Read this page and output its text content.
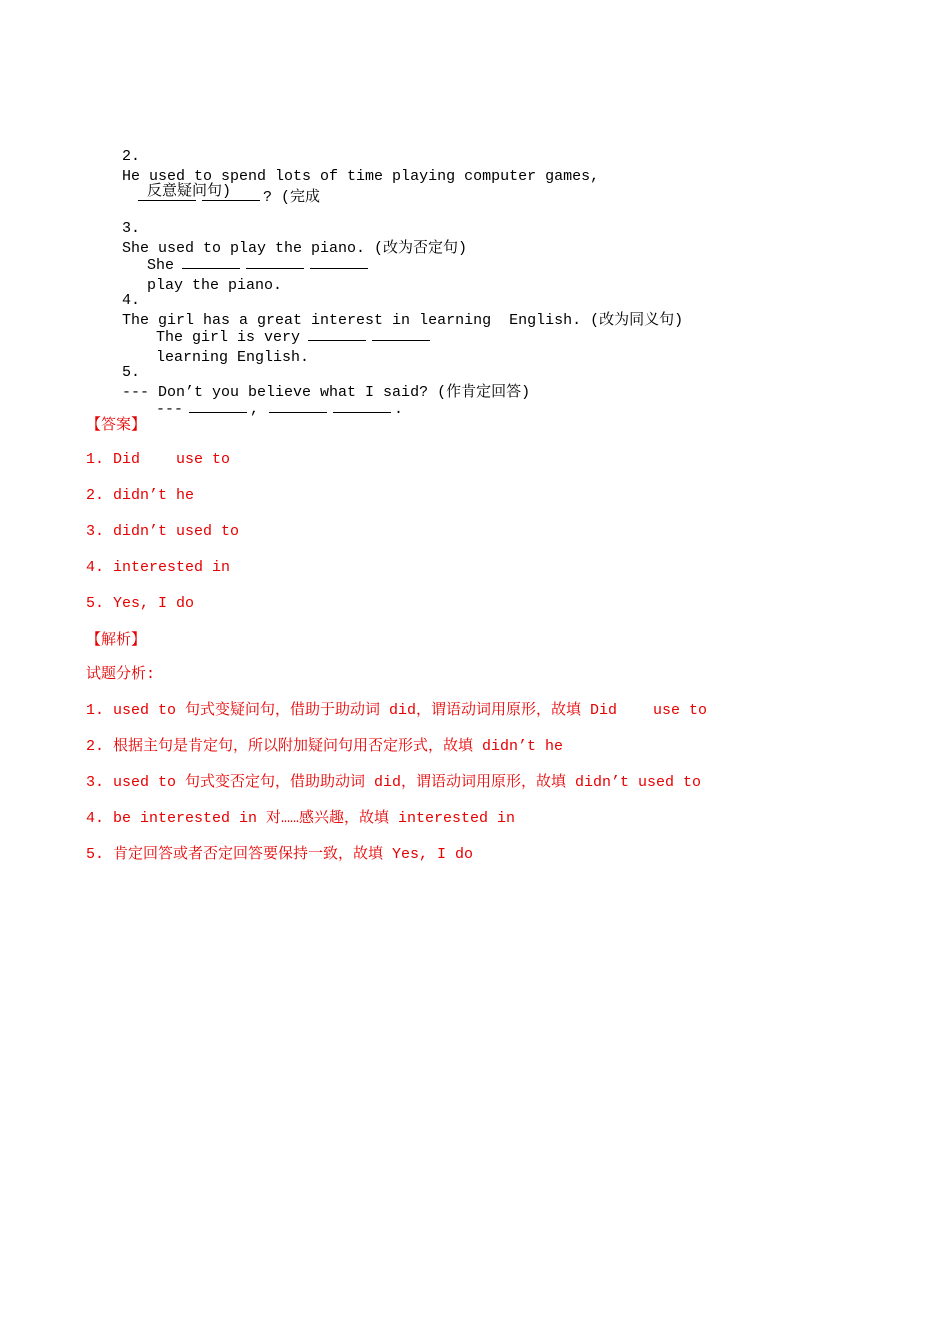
2.
He used to spend lots of time playing computer games,
? (完成

反意疑问句)

3.
She used to play the piano. (改为否定句)

She
play the piano.

4.
The girl has a great interest in learning  English. (改为同义句)

The girl is very
learning English.

5.
--- Don’t you believe what I said? (作肯定回答)

---	,	.

【答案】
1. Did    use to
2. didn’t he
3. didn’t used to
4. interested in
5. Yes, I do
【解析】
试题分析:
1. used to 句式变疑问句，借助于助动词 did，谓语动词用原形，故填 Did    use to
2. 根据主句是肯定句，所以附加疑问句用否定形式，故填 didn’t he
3. used to 句式变否定句，借助助动词 did，谓语动词用原形，故填 didn’t used to
4. be interested in 对……感兴趣，故填 interested in
5. 肯定回答或者否定回答要保持一致，故填 Yes, I do
